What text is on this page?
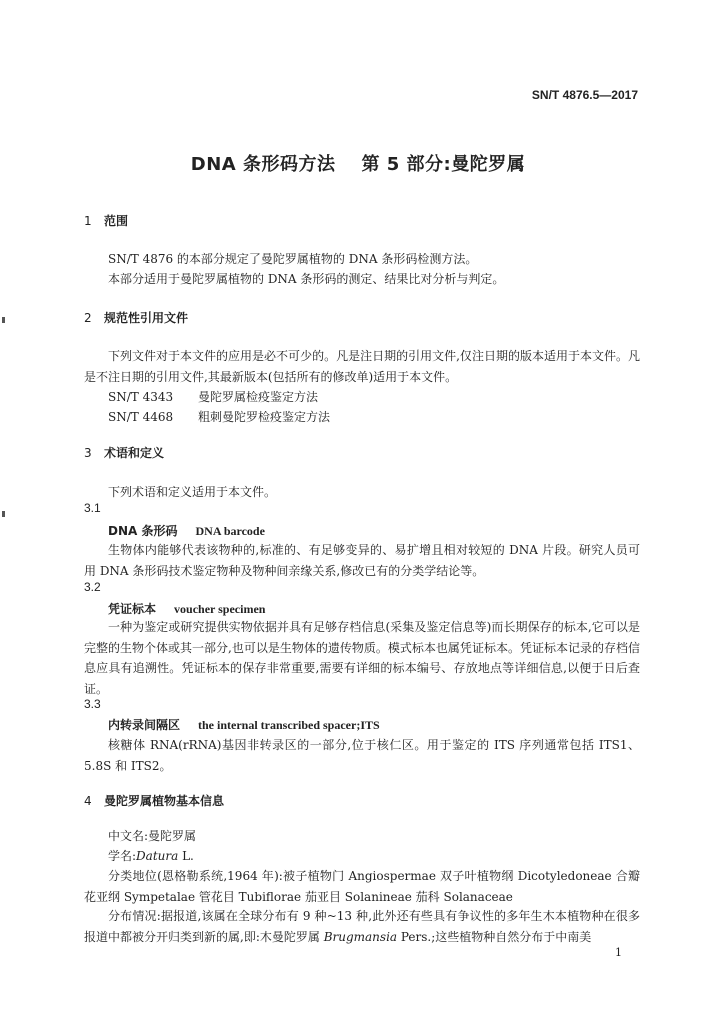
SN/T 4876.5—2017
DNA 条形码方法 第 5 部分:曼陀罗属
1 范围
SN/T 4876 的本部分规定了曼陀罗属植物的 DNA 条形码检测方法。
本部分适用于曼陀罗属植物的 DNA 条形码的测定、结果比对分析与判定。
2 规范性引用文件
下列文件对于本文件的应用是必不可少的。凡是注日期的引用文件,仅注日期的版本适用于本文件。凡是不注日期的引用文件,其最新版本(包括所有的修改单)适用于本文件。
SN/T 4343 曼陀罗属检疫鉴定方法
SN/T 4468 粗刺曼陀罗检疫鉴定方法
3 术语和定义
下列术语和定义适用于本文件。
3.1
DNA 条形码 DNA barcode
生物体内能够代表该物种的,标准的、有足够变异的、易扩增且相对较短的 DNA 片段。研究人员可用 DNA 条形码技术鉴定物种及物种间亲缘关系,修改已有的分类学结论等。
3.2
凭证标本 voucher specimen
一种为鉴定或研究提供实物依据并具有足够存档信息(采集及鉴定信息等)而长期保存的标本,它可以是完整的生物个体或其一部分,也可以是生物体的遗传物质。模式标本也属凭证标本。凭证标本记录的存档信息应具有追溯性。凭证标本的保存非常重要,需要有详细的标本编号、存放地点等详细信息,以便于日后查证。
3.3
内转录间隔区 the internal transcribed spacer;ITS
核糖体 RNA(rRNA)基因非转录区的一部分,位于核仁区。用于鉴定的 ITS 序列通常包括 ITS1、5.8S 和 ITS2。
4 曼陀罗属植物基本信息
中文名:曼陀罗属
学名:Datura L.
分类地位(恩格勒系统,1964 年):被子植物门 Angiospermae 双子叶植物纲 Dicotyledoneae 合瓣花亚纲 Sympetalae 管花目 Tubiflorae 茄亚目 Solanineae 茄科 Solanaceae
分布情况:据报道,该属在全球分布有 9 种~13 种,此外还有些具有争议性的多年生木本植物种在很多报道中都被分开归类到新的属,即:木曼陀罗属 Brugmansia Pers.;这些植物种自然分布于中南美
1
